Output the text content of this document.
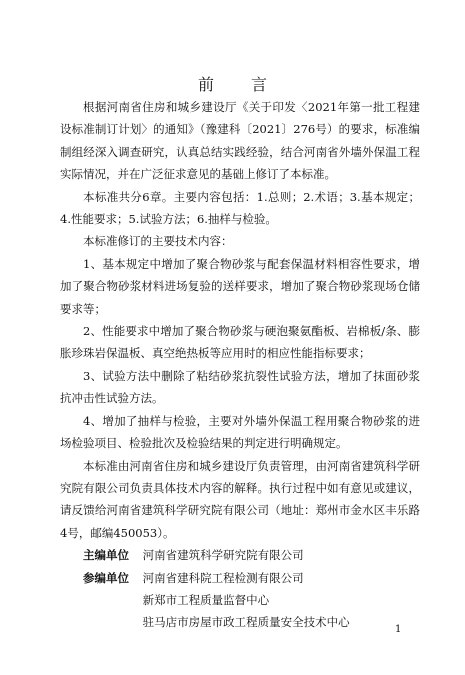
前 言

根据河南省住房和城乡建设厅《关于印发〈2021年第一批工程建设标准制订计划〉的通知》（豫建科〔2021〕276号）的要求，标准编制组经深入调查研究，认真总结实践经验，结合河南省外墙外保温工程实际情况，并在广泛征求意见的基础上修订了本标准。

本标准共分6章。主要内容包括：1.总则；2.术语；3.基本规定；4.性能要求；5.试验方法；6.抽样与检验。

本标准修订的主要技术内容：

1、基本规定中增加了聚合物砂浆与配套保温材料相容性要求，增加了聚合物砂浆材料进场复验的送样要求，增加了聚合物砂浆现场仓储要求等；

2、性能要求中增加了聚合物砂浆与硬泡聚氨酯板、岩棉板/条、膨胀珍珠岩保温板、真空绝热板等应用时的相应性能指标要求；

3、试验方法中删除了粘结砂浆抗裂性试验方法，增加了抹面砂浆抗冲击性试验方法。

4、增加了抽样与检验，主要对外墙外保温工程用聚合物砂浆的进场检验项目、检验批次及检验结果的判定进行明确规定。

本标准由河南省住房和城乡建设厅负责管理，由河南省建筑科学研究院有限公司负责具体技术内容的解释。执行过程中如有意见或建议，请反馈给河南省建筑科学研究院有限公司（地址：郑州市金水区丰乐路4号，邮编450053）。

主编单位 河南省建筑科学研究院有限公司
参编单位 河南省建科院工程检测有限公司
新郑市工程质量监督中心
驻马店市房屋市政工程质量安全技术中心
1
